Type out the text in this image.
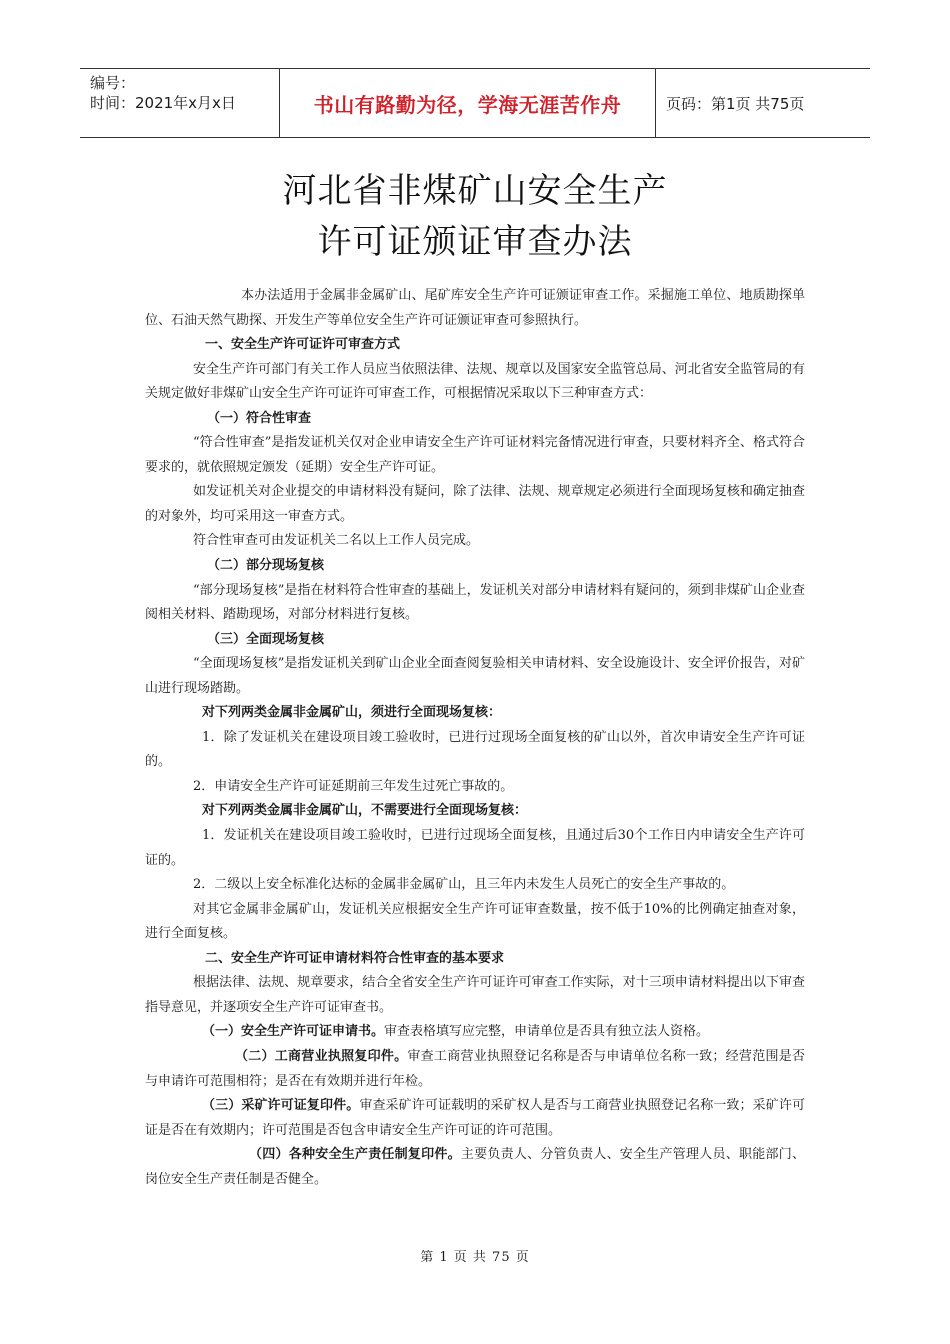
编号：
时间：2021年x月x日	书山有路勤为径，学海无涯苦作舟	页码：第1页 共75页
河北省非煤矿山安全生产
许可证颁证审查办法

本办法适用于金属非金属矿山、尾矿库安全生产许可证颁证审查工作。采掘施工单位、地质勘探单位、石油天然气勘探、开发生产等单位安全生产许可证颁证审查可参照执行。

一、安全生产许可证许可审查方式

安全生产许可部门有关工作人员应当依照法律、法规、规章以及国家安全监管总局、河北省安全监管局的有关规定做好非煤矿山安全生产许可证许可审查工作，可根据情况采取以下三种审查方式：

（一）符合性审查

“符合性审查”是指发证机关仅对企业申请安全生产许可证材料完备情况进行审查，只要材料齐全、格式符合要求的，就依照规定颁发（延期）安全生产许可证。

如发证机关对企业提交的申请材料没有疑问，除了法律、法规、规章规定必须进行全面现场复核和确定抽查的对象外，均可采用这一审查方式。

符合性审查可由发证机关二名以上工作人员完成。

（二）部分现场复核

“部分现场复核”是指在材料符合性审查的基础上，发证机关对部分申请材料有疑问的，须到非煤矿山企业查阅相关材料、踏勘现场，对部分材料进行复核。

（三）全面现场复核

“全面现场复核”是指发证机关到矿山企业全面查阅复验相关申请材料、安全设施设计、安全评价报告，对矿山进行现场踏勘。

对下列两类金属非金属矿山，须进行全面现场复核：

1．除了发证机关在建设项目竣工验收时，已进行过现场全面复核的矿山以外，首次申请安全生产许可证的。

2．申请安全生产许可证延期前三年发生过死亡事故的。

对下列两类金属非金属矿山，不需要进行全面现场复核：

1．发证机关在建设项目竣工验收时，已进行过现场全面复核，且通过后30个工作日内申请安全生产许可证的。

2．二级以上安全标准化达标的金属非金属矿山，且三年内未发生人员死亡的安全生产事故的。

对其它金属非金属矿山，发证机关应根据安全生产许可证审查数量，按不低于10%的比例确定抽查对象，进行全面复核。

二、安全生产许可证申请材料符合性审查的基本要求

根据法律、法规、规章要求，结合全省安全生产许可证许可审查工作实际，对十三项申请材料提出以下审查指导意见，并逐项安全生产许可证审查书。

（一）安全生产许可证申请书。审查表格填写应完整，申请单位是否具有独立法人资格。

（二）工商营业执照复印件。审查工商营业执照登记名称是否与申请单位名称一致；经营范围是否与申请许可范围相符；是否在有效期并进行年检。

（三）采矿许可证复印件。审查采矿许可证载明的采矿权人是否与工商营业执照登记名称一致；采矿许可证是否在有效期内；许可范围是否包含申请安全生产许可证的许可范围。

（四）各种安全生产责任制复印件。主要负责人、分管负责人、安全生产管理人员、职能部门、岗位安全生产责任制是否健全。

第 1 页 共 75 页
